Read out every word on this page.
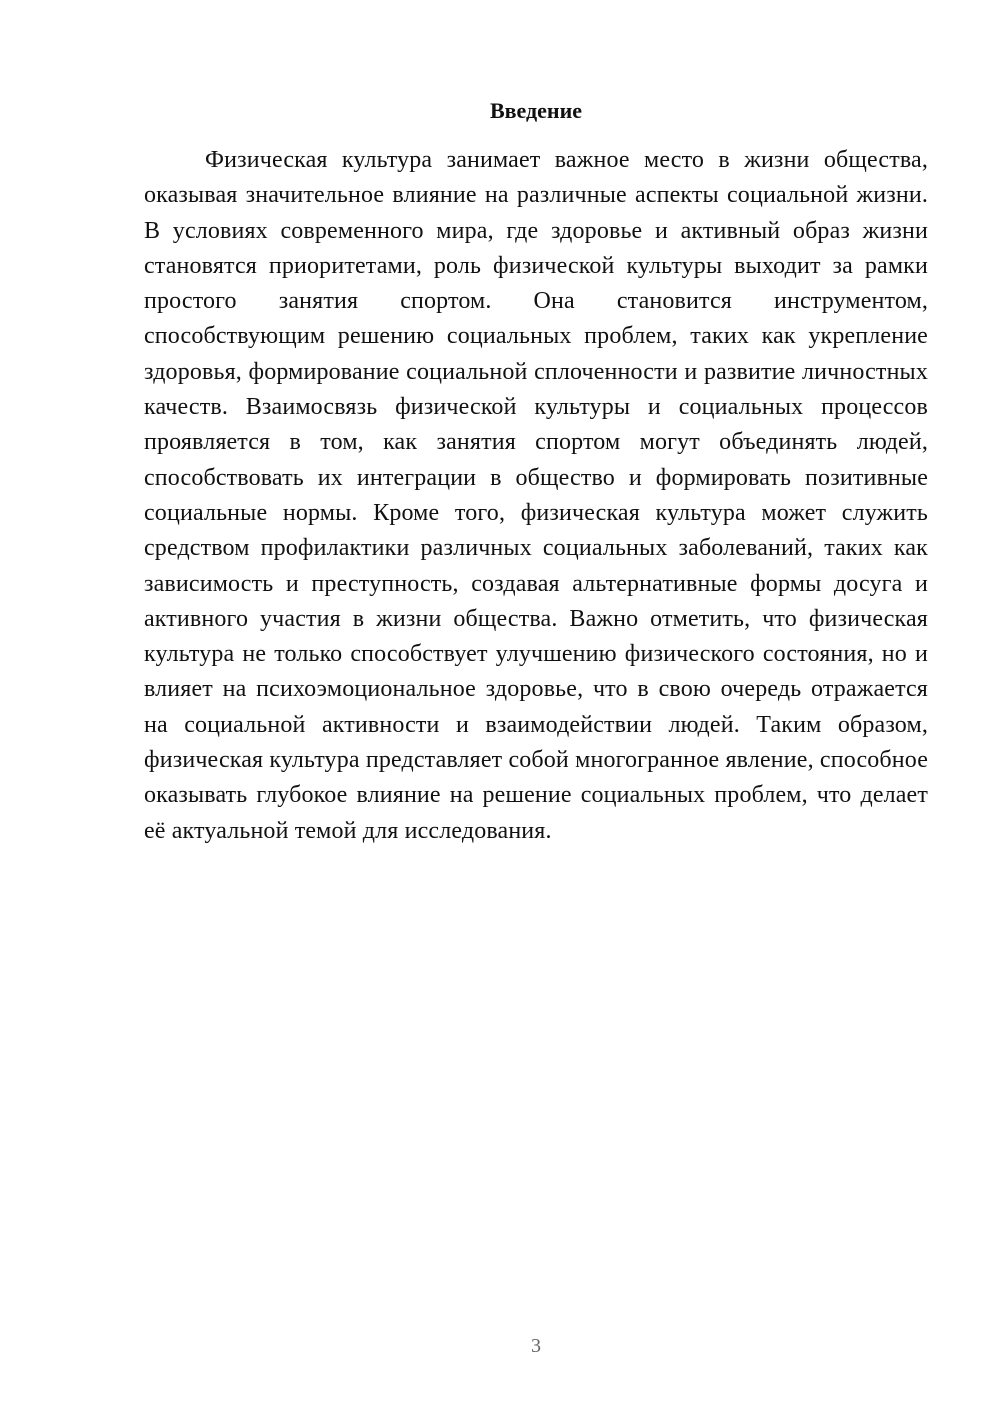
Введение

Физическая культура занимает важное место в жизни общества, оказывая значительное влияние на различные аспекты социальной жизни. В условиях современного мира, где здоровье и активный образ жизни становятся приоритетами, роль физической культуры выходит за рамки простого занятия спортом. Она становится инструментом, способствующим решению социальных проблем, таких как укрепление здоровья, формирование социальной сплоченности и развитие личностных качеств. Взаимосвязь физической культуры и социальных процессов проявляется в том, как занятия спортом могут объединять людей, способствовать их интеграции в общество и формировать позитивные социальные нормы. Кроме того, физическая культура может служить средством профилактики различных социальных заболеваний, таких как зависимость и преступность, создавая альтернативные формы досуга и активного участия в жизни общества. Важно отметить, что физическая культура не только способствует улучшению физического состояния, но и влияет на психоэмоциональное здоровье, что в свою очередь отражается на социальной активности и взаимодействии людей. Таким образом, физическая культура представляет собой многогранное явление, способное оказывать глубокое влияние на решение социальных проблем, что делает её актуальной темой для исследования.

3
